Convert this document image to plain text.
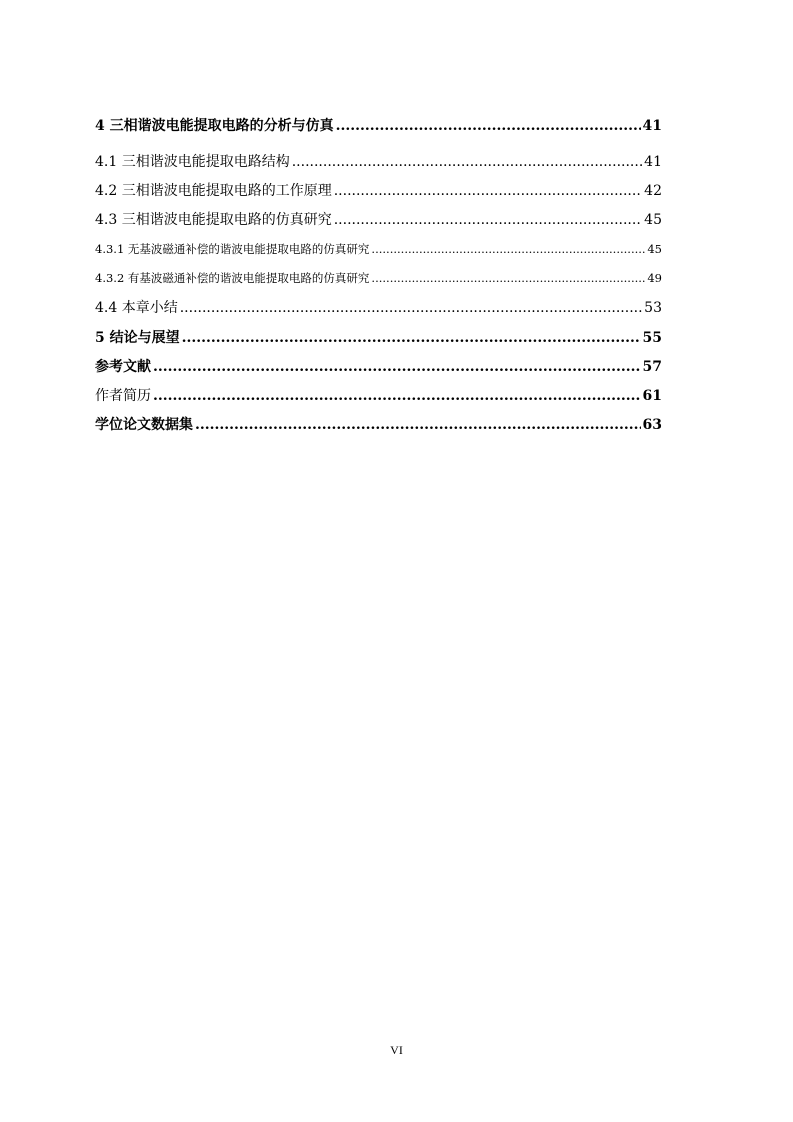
4 三相谐波电能提取电路的分析与仿真 .....	41
4.1 三相谐波电能提取电路结构 .....	41
4.2 三相谐波电能提取电路的工作原理 .....	42
4.3 三相谐波电能提取电路的仿真研究 .....	45
4.3.1 无基波磁通补偿的谐波电能提取电路的仿真研究 .....	45
4.3.2 有基波磁通补偿的谐波电能提取电路的仿真研究 .....	49
4.4 本章小结 .....	53
5 结论与展望 .....	55
参考文献 .....	57
作者简历 .....	61
学位论文数据集 .....	63
VI
